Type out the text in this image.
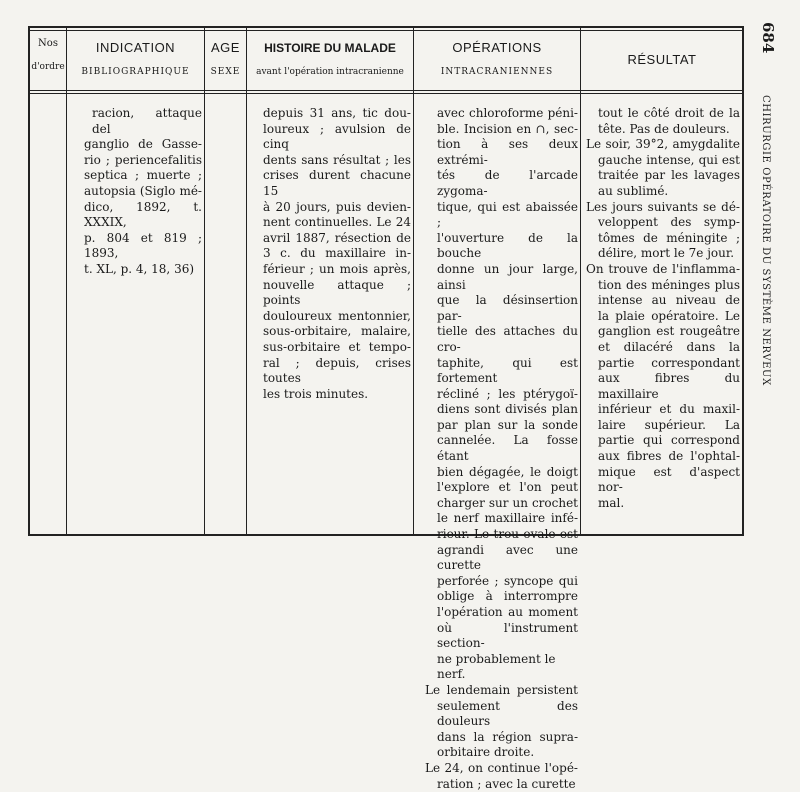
Nos
d'ordre
INDICATION
BIBLIOGRAPHIQUE
AGE
SEXE
HISTOIRE DU MALADE
avant l'opération intracranienne
OPÉRATIONS
INTRACRANIENNES
RÉSULTAT

racion, attaque del

ganglio de Gasse-

rio ; periencefalitis

septica ; muerte ;

autopsia (Siglo mé-

dico, 1892, t. XXXIX,

p. 804 et 819 ; 1893,

t. XL, p. 4, 18, 36)

depuis 31 ans, tic dou-

loureux ; avulsion de cinq

dents sans résultat ; les

crises durent chacune 15

à 20 jours, puis devien-

nent continuelles. Le 24

avril 1887, résection de

3 c. du maxillaire in-

férieur ; un mois après,

nouvelle attaque ; points

douloureux mentonnier,

sous-orbitaire, malaire,

sus-orbitaire et tempo-

ral ; depuis, crises toutes

les trois minutes.

avec chloroforme péni-

ble. Incision en ∩, sec-

tion à ses deux extrémi-

tés de l'arcade zygoma-

tique, qui est abaissée ;

l'ouverture de la bouche

donne un jour large, ainsi

que la désinsertion par-

tielle des attaches du cro-

taphite, qui est fortement

récliné ; les ptérygoï-

diens sont divisés plan

par plan sur la sonde

cannelée. La fosse étant

bien dégagée, le doigt

l'explore et l'on peut

charger sur un crochet

le nerf maxillaire infé-

rieur. Le trou ovale est

agrandi avec une curette

perforée ; syncope qui

oblige à interrompre

l'opération au moment

où l'instrument section-

ne probablement le nerf.

Le lendemain persistent

seulement des douleurs

dans la région supra-

orbitaire droite.

Le 24, on continue l'opé-

ration ; avec la curette

tout le côté droit de la

tête. Pas de douleurs.

Le soir, 39°2, amygdalite

gauche intense, qui est

traitée par les lavages

au sublimé.

Les jours suivants se dé-

veloppent des symp-

tômes de méningite ;

délire, mort le 7e jour.

On trouve de l'inflamma-

tion des méninges plus

intense au niveau de

la plaie opératoire. Le

ganglion est rougeâtre

et dilacéré dans la

partie correspondant

aux fibres du maxillaire

inférieur et du maxil-

laire supérieur. La

partie qui correspond

aux fibres de l'ophtal-

mique est d'aspect nor-

mal.

684
CHIRURGIE OPÉRATOIRE DU SYSTÈME NERVEUX
